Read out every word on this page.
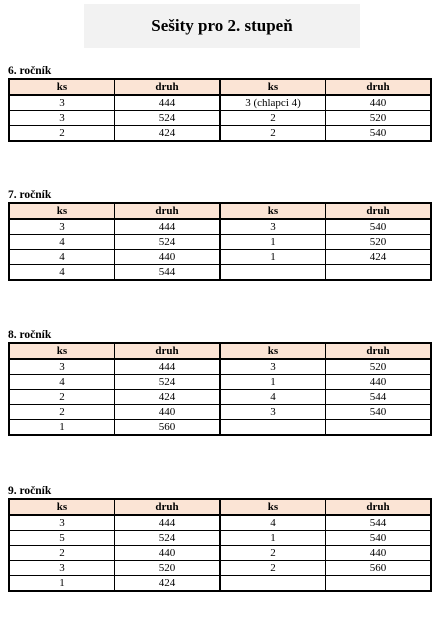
Sešity pro 2. stupeň
6. ročník
ks	druh	ks	druh
3	444	3 (chlapci 4)	440
3	524	2	520
2	424	2	540
7. ročník
ks	druh	ks	druh
3	444	3	540
4	524	1	520
4	440	1	424
4	544		
8. ročník
ks	druh	ks	druh
3	444	3	520
4	524	1	440
2	424	4	544
2	440	3	540
1	560		
9. ročník
ks	druh	ks	druh
3	444	4	544
5	524	1	540
2	440	2	440
3	520	2	560
1	424		
